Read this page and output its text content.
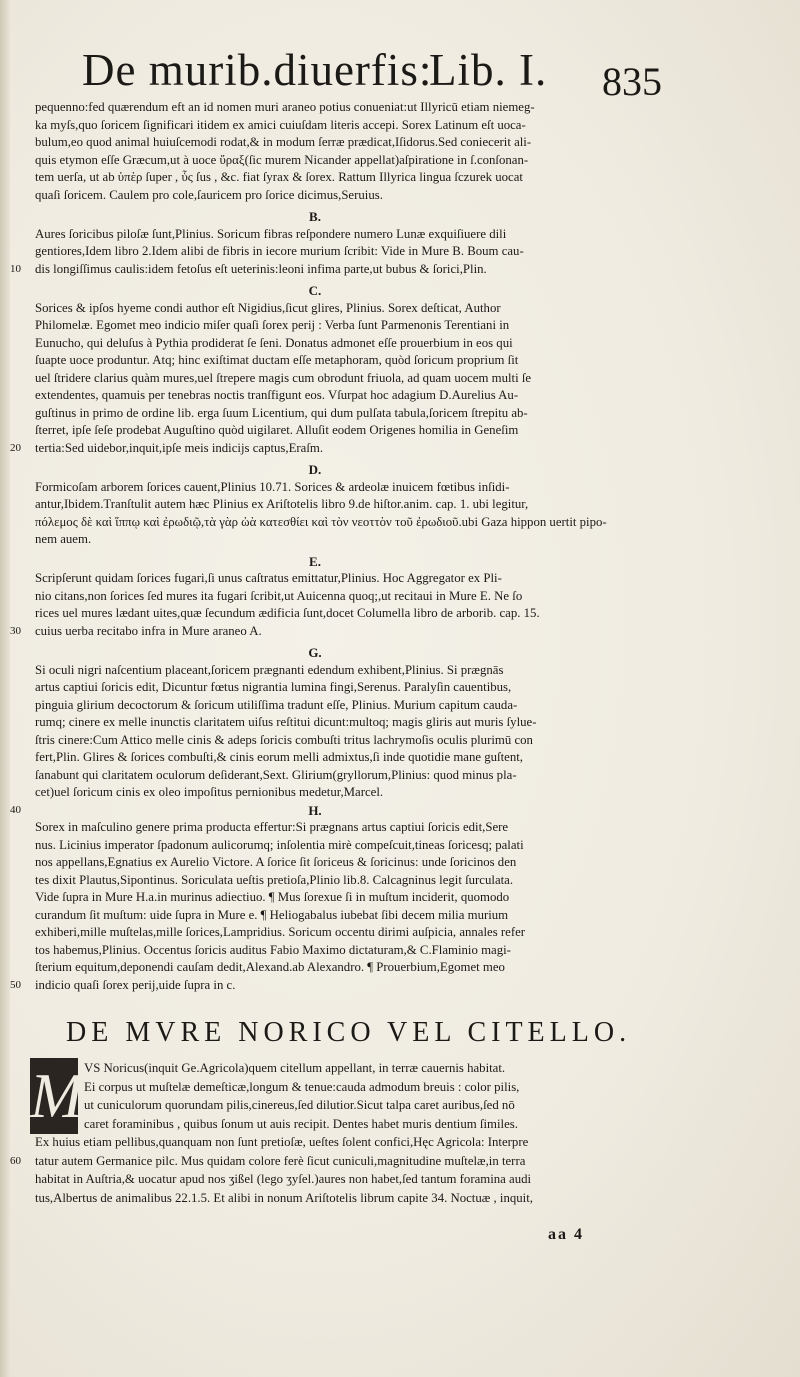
De murib.diuerfis:
Lib. I. 835
pequenno:fed quærendum eft an id nomen muri araneo potius conueniat:ut Illyricū etiam niemeg-
ka myſs,quo ſoricem ſignificari itidem ex amici cuiuſdam literis accepi. Sorex Latinum eſt uoca-
bulum,eo quod animal huiuſcemodi rodat,& in modum ſerræ prædicat,Iſidorus.Sed coniecerit ali-
quis etymon eſſe Græcum,ut à uoce ὕραξ(ſic murem Nicander appellat)aſpiratione in ſ.conſonan-
tem uerſa, ut ab ὑπὲρ ſuper , ὗς ſus , &c. fiat ſyrax & ſorex. Rattum Illyrica lingua ſczurek uocat
quaſi ſoricem. Caulem pro cole,ſauricem pro ſorice dicimus,Seruius.
B.
Aures ſoricibus piloſæ ſunt,Plinius. Soricum fibras reſpondere numero Lunæ exquiſiuere dili
gentiores,Idem libro 2.Idem alibi de fibris in iecore murium ſcribit: Vide in Mure B. Boum cau-
dis longiſſimus caulis:idem fetoſus eſt ueterinis:leoni infima parte,ut bubus & ſorici,Plin.
10
C.
Sorices & ipſos hyeme condi author eſt Nigidius,ſicut glires, Plinius. Sorex deſticat, Author
Philomelæ. Egomet meo indicio miſer quaſi ſorex perij : Verba ſunt Parmenonis Terentiani in
Eunucho, qui deluſus à Pythia prodiderat ſe ſeni. Donatus admonet eſſe prouerbium in eos qui
ſuapte uoce produntur. Atq; hinc exiſtimat ductam eſſe metaphoram, quòd ſoricum proprium ſit
uel ſtridere clarius quàm mures,uel ſtrepere magis cum obrodunt friuola, ad quam uocem multi ſe
extendentes, quamuis per tenebras noctis tranſfigunt eos. Vſurpat hoc adagium D.Aurelius Au-
guſtinus in primo de ordine lib. erga ſuum Licentium, qui dum pulſata tabula,ſoricem ſtrepitu ab-
ſterret, ipſe ſeſe prodebat Auguſtino quòd uigilaret. Alluſit eodem Origenes homilia in Geneſim
tertia:Sed uidebor,inquit,ipſe meis indicijs captus,Eraſm.
20
D.
Formicoſam arborem ſorices cauent,Plinius 10.71. Sorices & ardeolæ inuicem fœtibus inſidi-
antur,Ibidem.Tranſtulit autem hæc Plinius ex Ariſtotelis libro 9.de hiſtor.anim. cap. 1. ubi legitur,
πόλεμος δὲ καὶ ἵππῳ καὶ ἐρωδιῷ,τὰ γὰρ ὠὰ κατεσθίει καὶ τὸν νεοττὸν τοῦ ἐρωδιοῦ.ubi Gaza hippon uertit pipo-
nem auem.
E.
Scripſerunt quidam ſorices fugari,ſi unus caſtratus emittatur,Plinius. Hoc Aggregator ex Pli-
nio citans,non ſorices ſed mures ita fugari ſcribit,ut Auicenna quoq;,ut recitaui in Mure E. Ne ſo
rices uel mures lædant uites,quæ ſecundum ædificia ſunt,docet Columella libro de arborib. cap. 15.
cuius uerba recitabo infra in Mure araneo A.
30
G.
Si oculi nigri naſcentium placeant,ſoricem prægnanti edendum exhibent,Plinius. Si prægnās
artus captiui ſoricis edit, Dicuntur fœtus nigrantia lumina fingi,Serenus. Paralyſin cauentibus,
pinguia glirium decoctorum & ſoricum utiliſſima tradunt eſſe, Plinius. Murium capitum cauda-
rumq; cinere ex melle inunctis claritatem uiſus reſtitui dicunt:multoq; magis gliris aut muris ſylue-
ſtris cinere:Cum Attico melle cinis & adeps ſoricis combuſti tritus lachrymoſis oculis plurimū con
fert,Plin. Glires & ſorices combuſti,& cinis eorum melli admixtus,ſi inde quotidie mane guſtent,
ſanabunt qui claritatem oculorum deſiderant,Sext. Glirium(gryllorum,Plinius: quod minus pla-
cet)uel ſoricum cinis ex oleo impoſitus pernionibus medetur,Marcel.
40	H.
Sorex in maſculino genere prima producta effertur:Si prægnans artus captiui ſoricis edit,Sere
nus. Licinius imperator ſpadonum aulicorumq; inſolentia mirè compeſcuit,tineas ſoricesq; palati
nos appellans,Egnatius ex Aurelio Victore. A ſorice ſit ſoriceus & ſoricinus: unde ſoricinos den
tes dixit Plautus,Sipontinus. Soriculata ueſtis pretioſa,Plinio lib.8. Calcagninus legit ſurculata.
Vide ſupra in Mure H.a.in murinus adiectiuo. ¶ Mus ſorexue ſi in muſtum inciderit, quomodo
curandum ſit muſtum: uide ſupra in Mure e. ¶ Heliogabalus iubebat ſibi decem milia murium
exhiberi,mille muſtelas,mille ſorices,Lampridius. Soricum occentu dirimi auſpicia, annales refer
tos habemus,Plinius. Occentus ſoricis auditus Fabio Maximo dictaturam,& C.Flaminio magi-
ſterium equitum,deponendi cauſam dedit,Alexand.ab Alexandro. ¶ Prouerbium,Egomet meo
indicio quaſi ſorex perij,uide ſupra in c.
50
VS Noricus(inquit Ge.Agricola)quem citellum appellant, in terræ cauernis habitat.
Ei corpus ut muſtelæ demeſticæ,longum & tenue:cauda admodum breuis : color pilis,
ut cuniculorum quorundam pilis,cinereus,ſed dilutior.Sicut talpa caret auribus,ſed nō
caret foraminibus , quibus ſonum ut auis recipit. Dentes habet muris dentium ſimiles.
Ex huius etiam pellibus,quanquam non ſunt pretioſæ, ueſtes ſolent confici,Hęc Agricola: Interpre
tatur autem Germanice pilc. Mus quidam colore ferè ſicut cuniculi,magnitudine muſtelæ,in terra
habitat in Auſtria,& uocatur apud nos ʒißel (lego ʒyſel.)aures non habet,ſed tantum foramina audi
tus,Albertus de animalibus 22.1.5. Et alibi in nonum Ariſtotelis librum capite 34. Noctuæ , inquit,
60
DE MVRE NORICO VEL CITELLO.
M
aa 4
